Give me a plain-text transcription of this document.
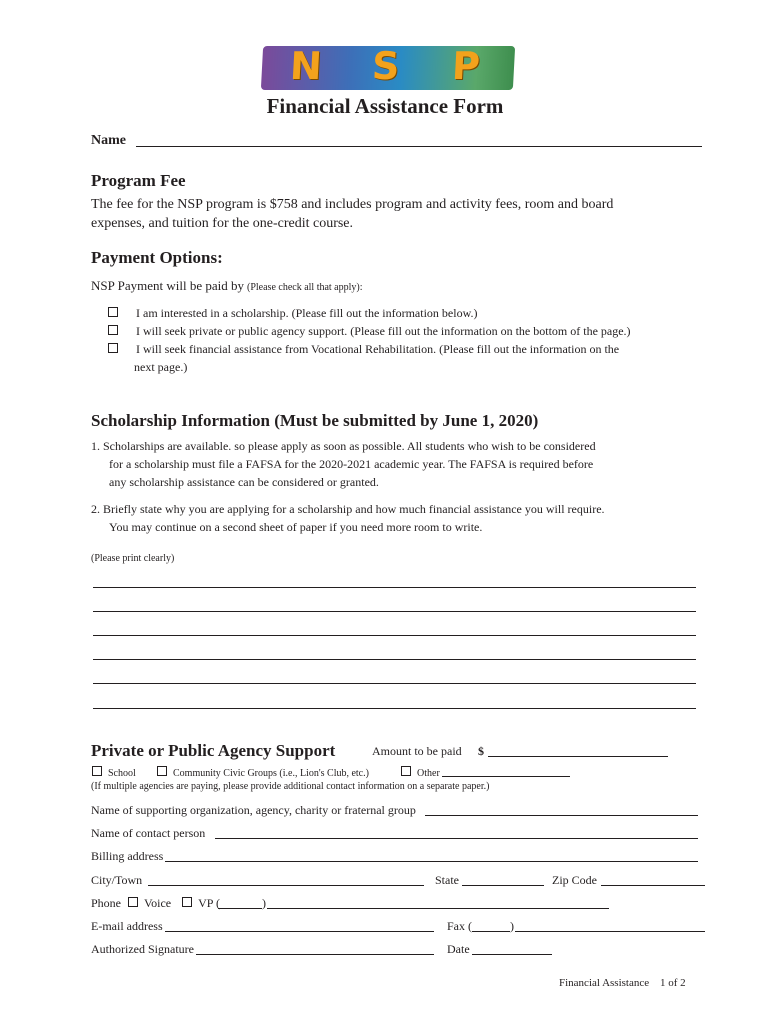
N S P
Financial Assistance Form
Name
Program Fee
The fee for the NSP program is $758 and includes program and activity fees, room and board
expenses, and tuition for the one-credit course.
Payment Options:
NSP Payment will be paid by (Please check all that apply):
I am interested in a scholarship. (Please fill out the information below.)
I will seek private or public agency support. (Please fill out the information on the bottom of the page.)
I will seek financial assistance from Vocational Rehabilitation. (Please fill out the information on the
next page.)
Scholarship Information (Must be submitted by June 1, 2020)
1. Scholarships are available. so please apply as soon as possible. All students who wish to be considered
for a scholarship must file a FAFSA for the 2020-2021 academic year. The FAFSA is required before
any scholarship assistance can be considered or granted.
2. Briefly state why you are applying for a scholarship and how much financial assistance you will require.
You may continue on a second sheet of paper if you need more room to write.
(Please print clearly)
Private or Public Agency Support	Amount to be paid $
School	Community Civic Groups (i.e., Lion's Club, etc.)	Other
(If multiple agencies are paying, please provide additional contact information on a separate paper.)
Name of supporting organization, agency, charity or fraternal group
Name of contact person
Billing address
City/Town	State	Zip Code
Phone Voice VP (	)
E-mail address	Fax (	)
Authorized Signature	Date
Financial Assistance 1 of 2
